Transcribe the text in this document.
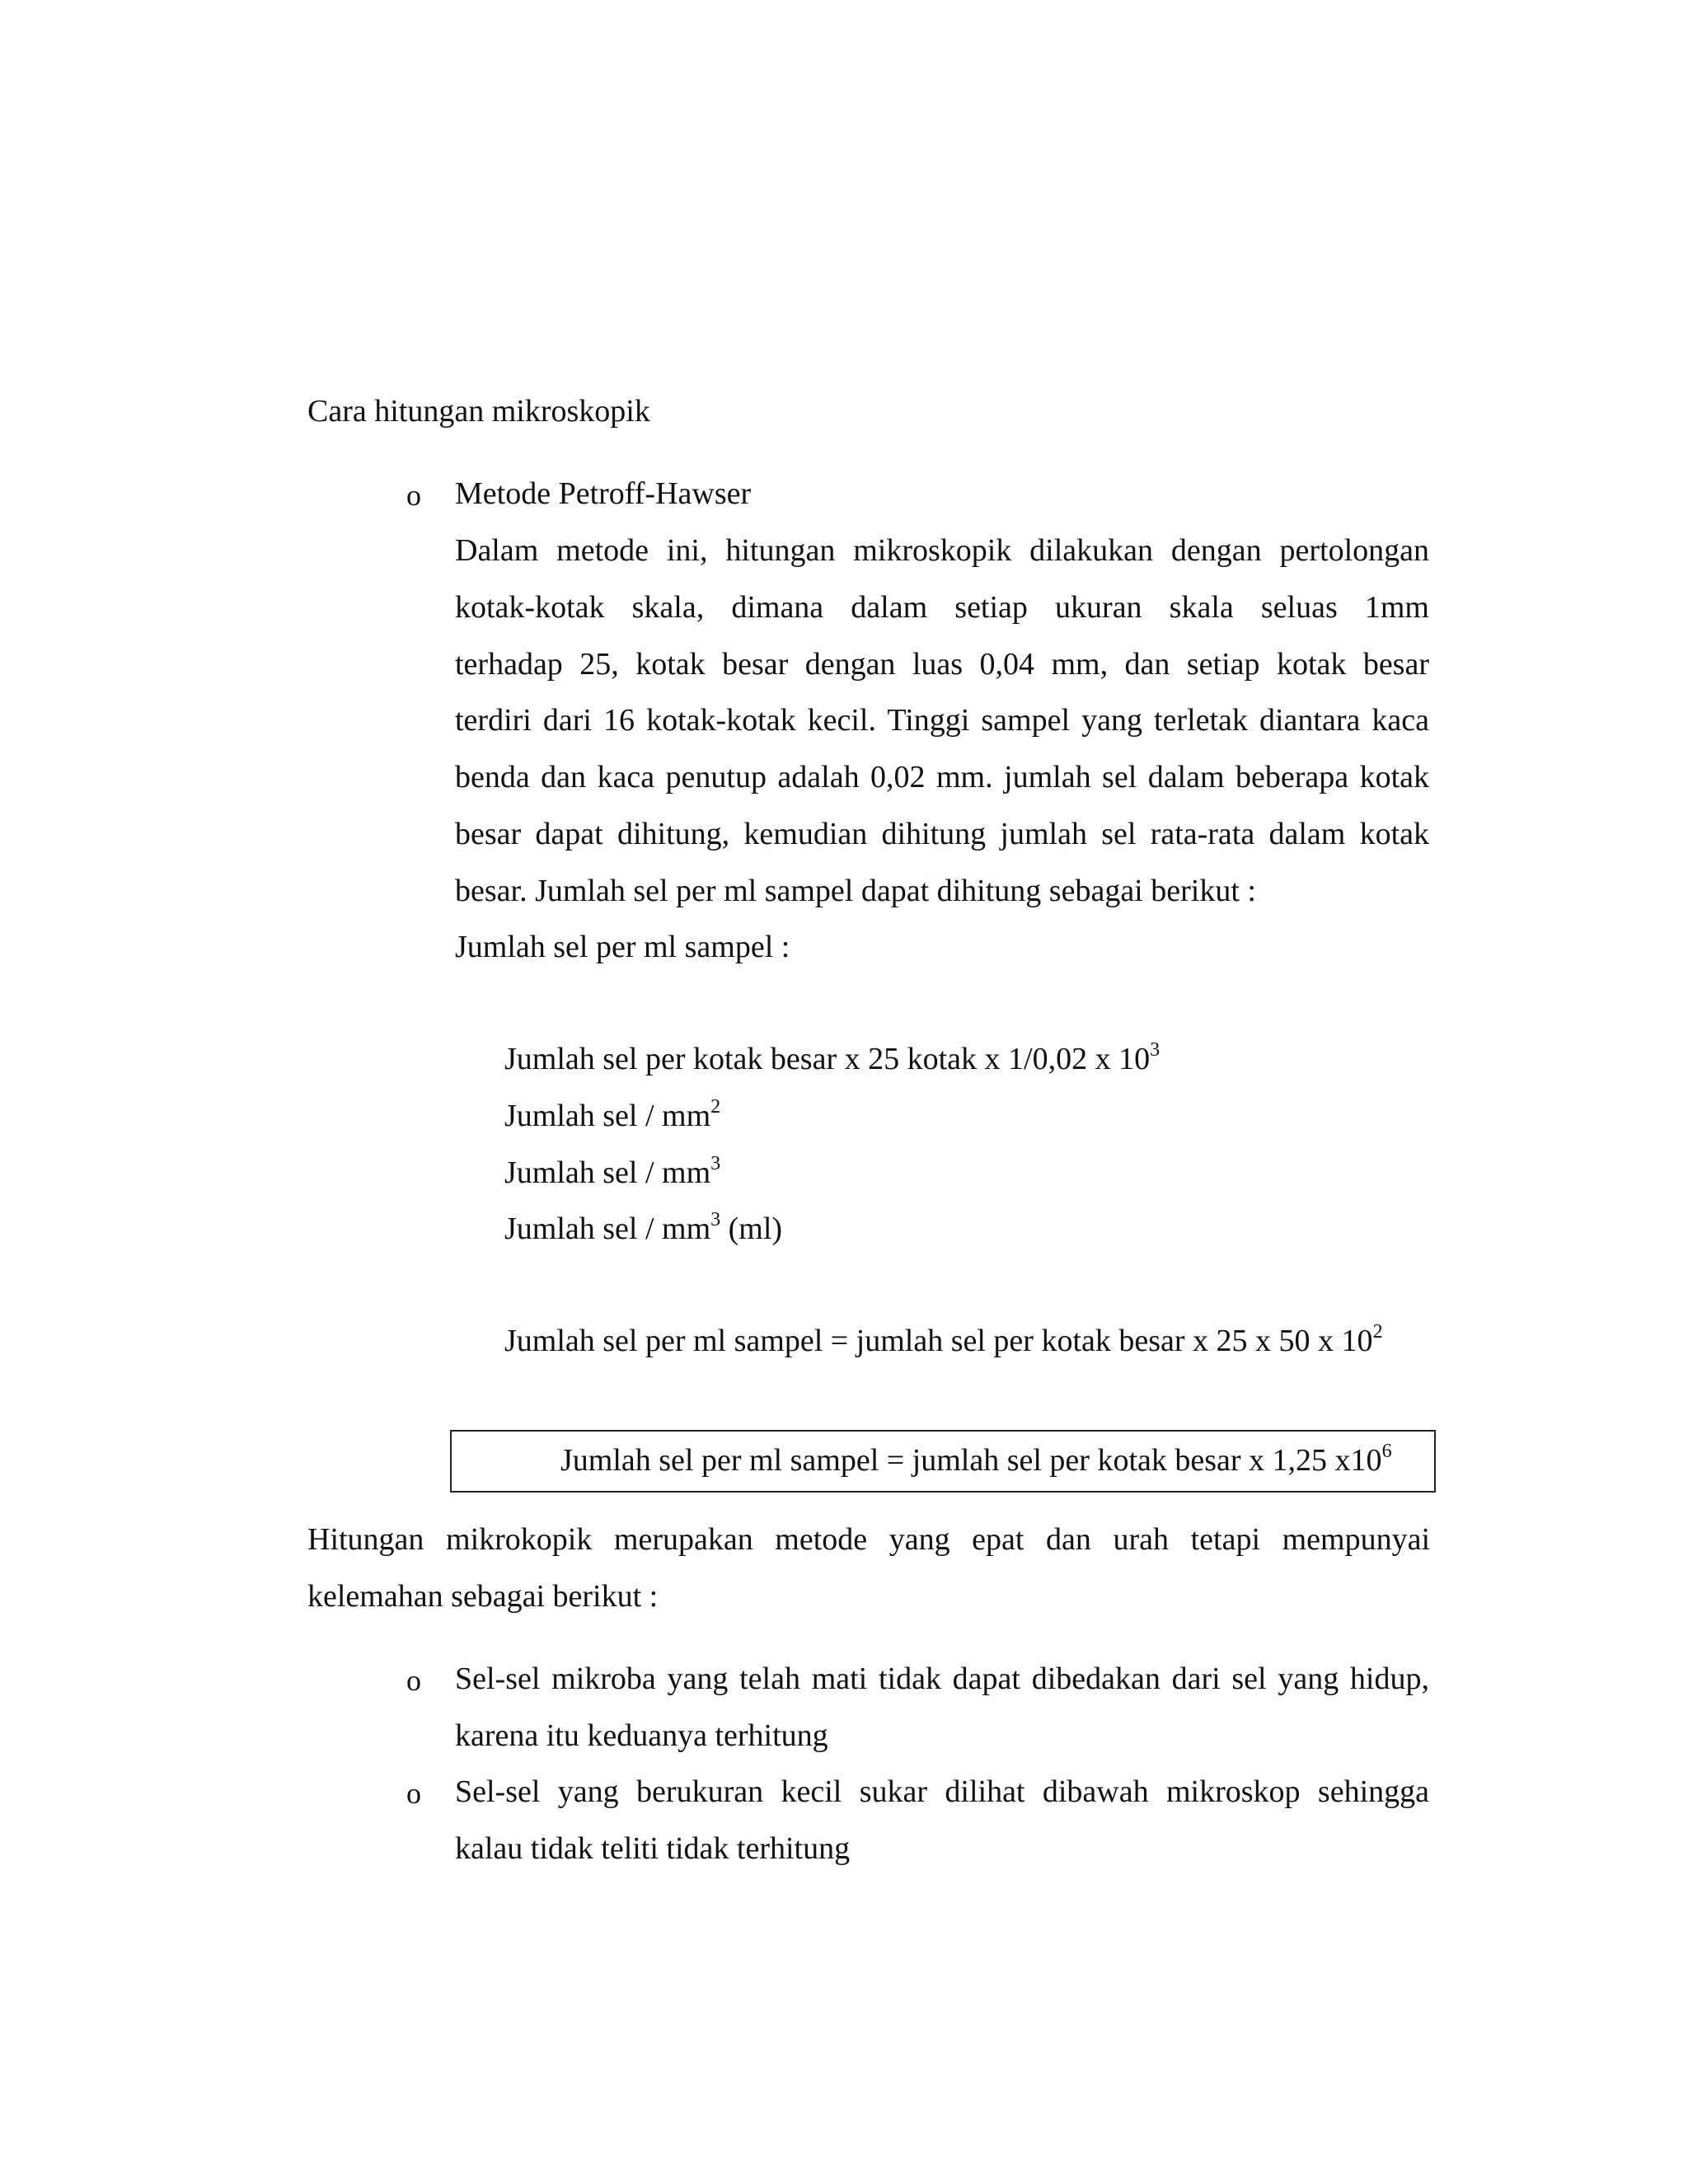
Cara hitungan mikroskopik
o Metode Petroff-Hawser
Dalam metode ini, hitungan mikroskopik dilakukan dengan pertolongan
kotak-kotak skala, dimana dalam setiap ukuran skala seluas 1mm
terhadap 25, kotak besar dengan luas 0,04 mm, dan setiap kotak besar
terdiri dari 16 kotak-kotak kecil. Tinggi sampel yang terletak diantara kaca
benda dan kaca penutup adalah 0,02 mm. jumlah sel dalam beberapa kotak
besar dapat dihitung, kemudian dihitung jumlah sel rata-rata dalam kotak
besar. Jumlah sel per ml sampel dapat dihitung sebagai berikut :
Jumlah sel per ml sampel :
Jumlah sel per kotak besar x 25 kotak x 1/0,02 x $10^3$
Jumlah sel / $mm^2$
Jumlah sel / $mm^3$
Jumlah sel / $mm^3$ (ml)
Jumlah sel per ml sampel = jumlah sel per kotak besar x 25 x 50 x $10^2$
Jumlah sel per ml sampel = jumlah sel per kotak besar x 1,25 $x10^6$
Hitungan mikrokopik merupakan metode yang epat dan urah tetapi mempunyai
kelemahan sebagai berikut :
o Sel-sel mikroba yang telah mati tidak dapat dibedakan dari sel yang hidup,
karena itu keduanya terhitung
o Sel-sel yang berukuran kecil sukar dilihat dibawah mikroskop sehingga
kalau tidak teliti tidak terhitung
